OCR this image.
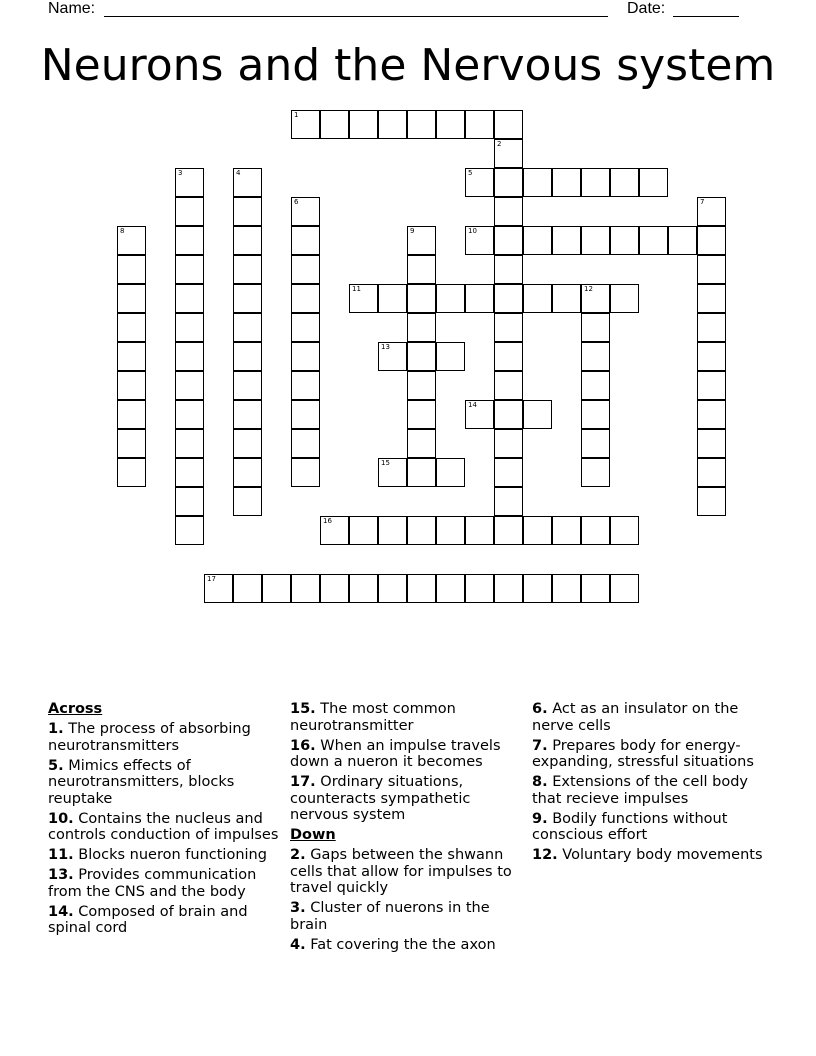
Name:	Date:
Neurons and the Nervous system
1
2
3	4	5
6	7
8	9	10
11	12
13
14
15
16
17
Across
1. The process of absorbing neurotransmitters
5. Mimics effects of neurotransmitters, blocks reuptake
10. Contains the nucleus and controls conduction of impulses
11. Blocks nueron functioning
13. Provides communication from the CNS and the body
14. Composed of brain and spinal cord
15. The most common neurotransmitter
16. When an impulse travels down a nueron it becomes
17. Ordinary situations, counteracts sympathetic nervous system
Down
2. Gaps between the shwann cells that allow for impulses to travel quickly
3. Cluster of nuerons in the brain
4. Fat covering the the axon
6. Act as an insulator on the nerve cells
7. Prepares body for energy-expanding, stressful situations
8. Extensions of the cell body that recieve impulses
9. Bodily functions without conscious effort
12. Voluntary body movements
